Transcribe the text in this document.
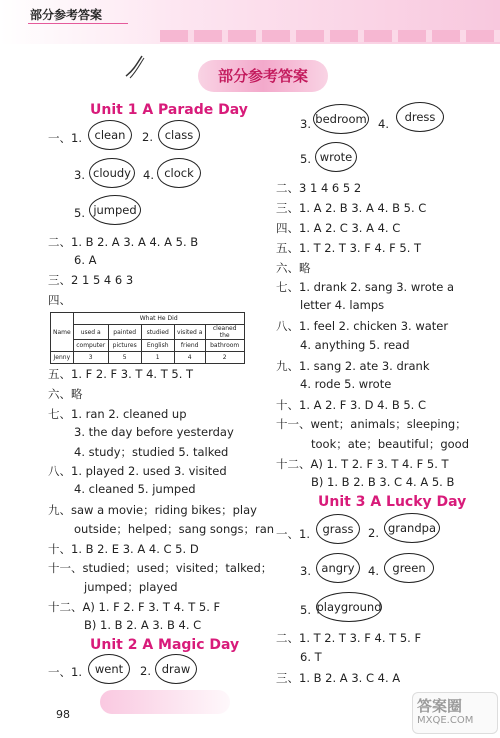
部分参考答案
部分参考答案
Unit 1 A Parade Day
一、1.	clean	2.	class
3. cloudy	4. clock
5. jumped
二、1. B 2. A 3. A 4. A 5. B
6. A
三、2 1 5 4 6 3
四、
Name	What He Did				
	used a	painted	studied	visited a	cleaned the
	computer	pictures	English	friend	bathroom
Jenny	3	5	1	4	2
五、1. F 2. F 3. T 4. T 5. T
六、略
七、1. ran 2. cleaned up
3. the day before yesterday
4. study；studied 5. talked
八、1. played 2. used 3. visited
4. cleaned 5. jumped
九、saw a movie；riding bikes；play
outside；helped；sang songs；ran
十、1. B 2. E 3. A 4. C 5. D
十一、studied；used；visited；talked；
jumped；played
十二、A) 1. F 2. F 3. T 4. T 5. F
B) 1. B 2. A 3. B 4. C
Unit 2 A Magic Day
一、1.	went	2. draw
98
3. bedroom 4.	dress
5. wrote
二、3 1 4 6 5 2
三、1. A 2. B 3. A 4. B 5. C
四、1. A 2. C 3. A 4. C
五、1. T 2. T 3. F 4. F 5. T
六、略
七、1. drank 2. sang 3. wrote a
letter 4. lamps
八、1. feel 2. chicken 3. water
4. anything 5. read
九、1. sang 2. ate 3. drank
4. rode 5. wrote
十、1. A 2. F 3. D 4. B 5. C
十一、went；animals；sleeping；
took；ate；beautiful；good
十二、A) 1. T 2. F 3. T 4. F 5. T
B) 1. B 2. B 3. C 4. A 5. B
Unit 3 A Lucky Day
一、1.	grass	2. grandpa
3. angry	4.	green
5. playground
二、1. T 2. T 3. F 4. T 5. F
6. T
三、1. B 2. A 3. C 4. A
答案圈
MXQE.COM
